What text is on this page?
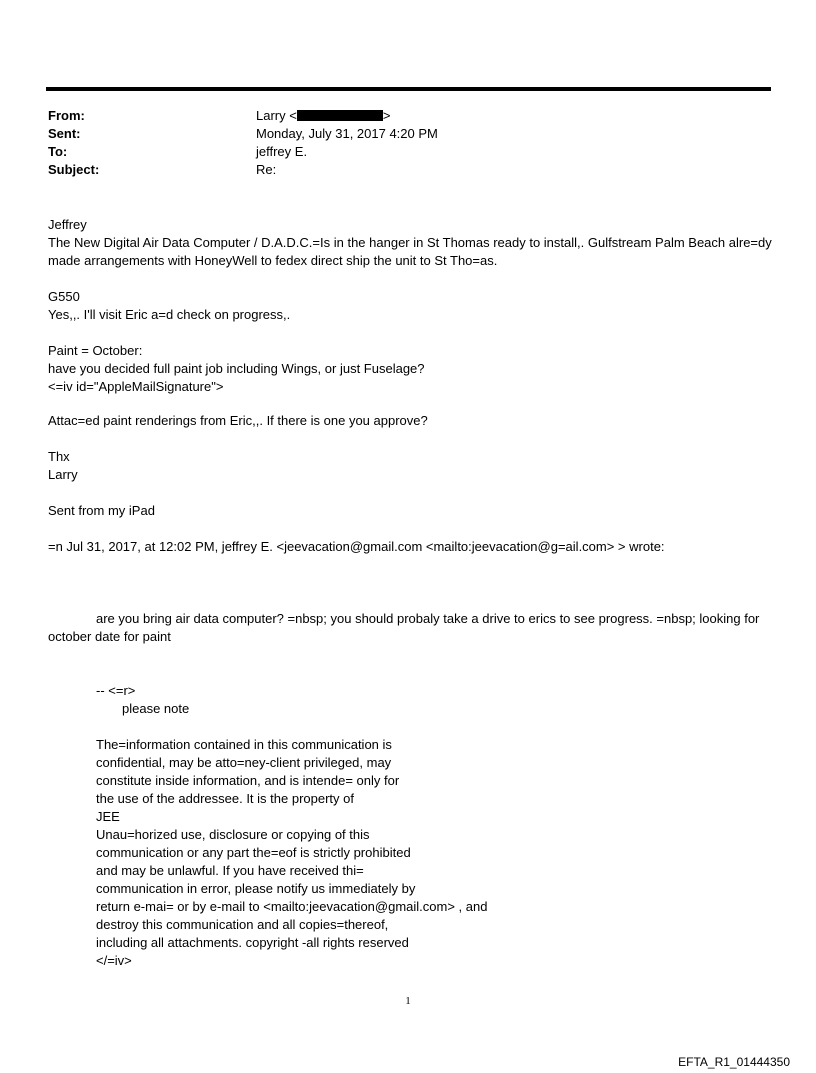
From:	Larry <	>
Sent:	Monday, July 31, 2017 4:20 PM
To:	jeffrey E.
Subject:	Re:

Jeffrey

The New Digital Air Data Computer / D.A.D.C.=Is in the hanger in St Thomas ready to install,. Gulfstream Palm Beach alre=dy made arrangements with HoneyWell to fedex direct ship the unit to St Tho=as.

G550

Yes,,. I'll visit Eric a=d check on progress,.

Paint = October:

have you decided full paint job including Wings, or just Fuselage?

<=iv id="AppleMailSignature">

Attac=ed paint renderings from Eric,,. If there is one you approve?

Thx

Larry

Sent from my iPad

=n Jul 31, 2017, at 12:02 PM, jeffrey E. <jeevacation@gmail.com <mailto:jeevacation@g=ail.com> > wrote:

are you bring air data computer? =nbsp; you should probaly take a drive to erics to see progress. =nbsp; looking for october date for paint

-- <=r>
please note

The=information contained in this communication is

confidential, may be atto=ney-client privileged, may

constitute inside information, and is intende= only for

the use of the addressee. It is the property of

JEE

Unau=horized use, disclosure or copying of this

communication or any part the=eof is strictly prohibited

and may be unlawful. If you have received thi=

communication in error, please notify us immediately by

return e-mai= or by e-mail to <mailto:jeevacation@gmail.com> , and

destroy this communication and all copies=thereof,

including all attachments. copyright -all rights reserved

</=iv>

1
EFTA_R1_01444350
